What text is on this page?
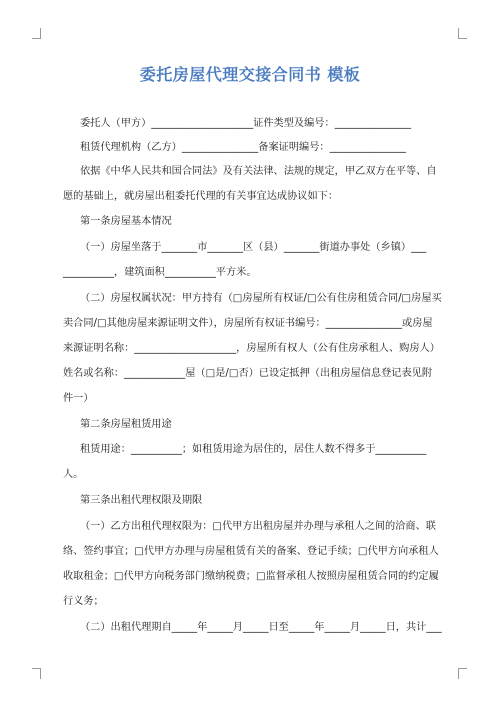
委托房屋代理交接合同书 模板
委托人（甲方）____________________证件类型及编号：_______________
租赁代理机构（乙方）_______________备案证明编号：_______________
依据《中华人民共和国合同法》及有关法律、法规的规定，甲乙双方在平等、自
愿的基础上，就房屋出租委托代理的有关事宜达成协议如下：
第一条房屋基本情况
（一）房屋坐落于_______市_______区（县）_______街道办事处（乡镇）___
__________，建筑面积__________平方米。
（二）房屋权属状况：甲方持有（□房屋所有权证/□公有住房租赁合同/□房屋买
卖合同/□其他房屋来源证明文件），房屋所有权证书编号：_______________或房屋
来源证明名称：____________________，房屋所有权人（公有住房承租人、购房人）
姓名或名称：____________屋（□是/□否）已设定抵押（出租房屋信息登记表见附
件一）
第二条房屋租赁用途
租赁用途：__________；如租赁用途为居住的，居住人数不得多于__________
人。
第三条出租代理权限及期限
（一）乙方出租代理权限为：□代甲方出租房屋并办理与承租人之间的洽商、联
络、签约事宜；□代甲方办理与房屋租赁有关的备案、登记手续；□代甲方向承租人
收取租金；□代甲方向税务部门缴纳税费；□监督承租人按照房屋租赁合同的约定履
行义务；
（二）出租代理期自_____年_____月_____日至_____年_____月_____日，共计___
